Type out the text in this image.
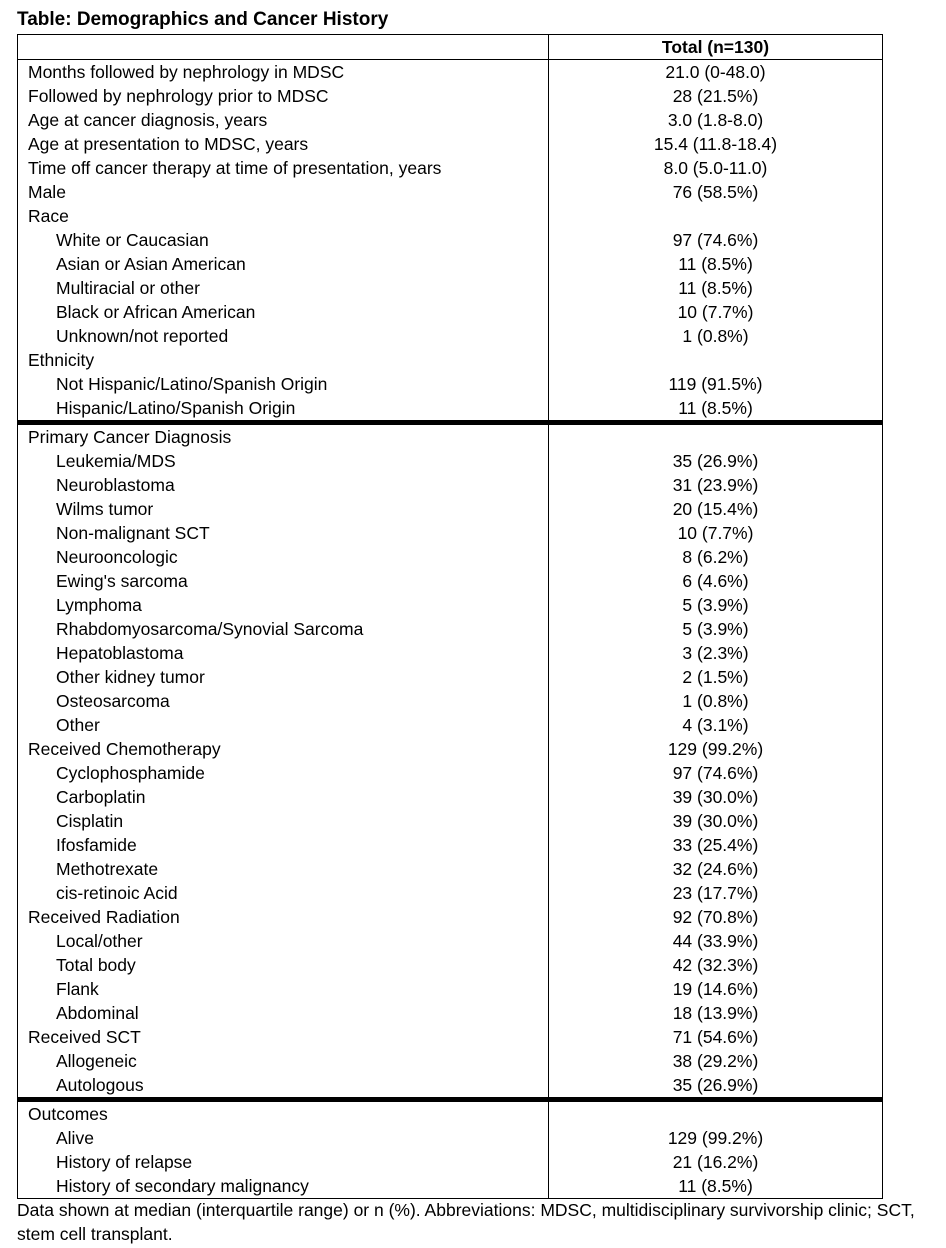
Table: Demographics and Cancer History
	Total (n=130)
Months followed by nephrology in MDSC	21.0 (0-48.0)
Followed by nephrology prior to MDSC	28 (21.5%)
Age at cancer diagnosis, years	3.0 (1.8-8.0)
Age at presentation to MDSC, years	15.4 (11.8-18.4)
Time off cancer therapy at time of presentation, years	8.0 (5.0-11.0)
Male	76 (58.5%)
Race	
White or Caucasian	97 (74.6%)
Asian or Asian American	11 (8.5%)
Multiracial or other	11 (8.5%)
Black or African American	10 (7.7%)
Unknown/not reported	1 (0.8%)
Ethnicity	
Not Hispanic/Latino/Spanish Origin	119 (91.5%)
Hispanic/Latino/Spanish Origin	11 (8.5%)
Primary Cancer Diagnosis	
Leukemia/MDS	35 (26.9%)
Neuroblastoma	31 (23.9%)
Wilms tumor	20 (15.4%)
Non-malignant SCT	10 (7.7%)
Neurooncologic	8 (6.2%)
Ewing's sarcoma	6 (4.6%)
Lymphoma	5 (3.9%)
Rhabdomyosarcoma/Synovial Sarcoma	5 (3.9%)
Hepatoblastoma	3 (2.3%)
Other kidney tumor	2 (1.5%)
Osteosarcoma	1 (0.8%)
Other	4 (3.1%)
Received Chemotherapy	129 (99.2%)
Cyclophosphamide	97 (74.6%)
Carboplatin	39 (30.0%)
Cisplatin	39 (30.0%)
Ifosfamide	33 (25.4%)
Methotrexate	32 (24.6%)
cis-retinoic Acid	23 (17.7%)
Received Radiation	92 (70.8%)
Local/other	44 (33.9%)
Total body	42 (32.3%)
Flank	19 (14.6%)
Abdominal	18 (13.9%)
Received SCT	71 (54.6%)
Allogeneic	38 (29.2%)
Autologous	35 (26.9%)
Outcomes	
Alive	129 (99.2%)
History of relapse	21 (16.2%)
History of secondary malignancy	11 (8.5%)
Data shown at median (interquartile range) or n (%). Abbreviations: MDSC, multidisciplinary survivorship clinic; SCT, stem cell transplant.
